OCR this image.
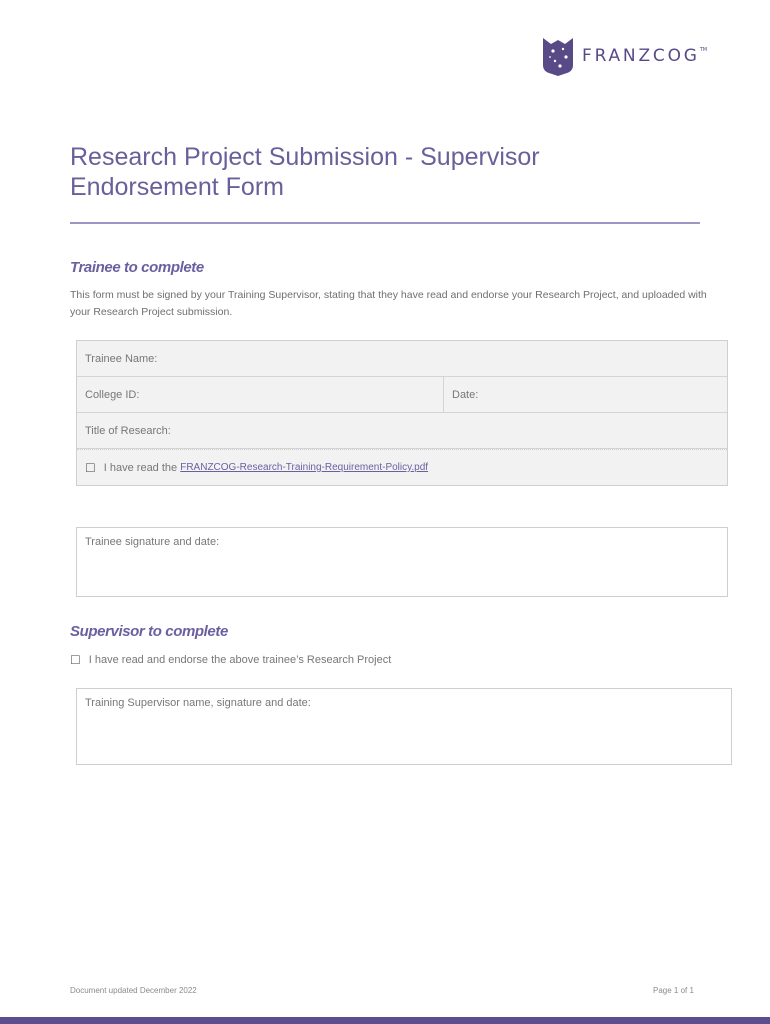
FRANZCOG™
Research Project Submission - Supervisor
Endorsement Form
Trainee to complete

This form must be signed by your Training Supervisor, stating that they have read and endorse your Research Project, and uploaded with your Research Project submission.

Trainee Name:
College ID:	Date:
Title of Research:
☐ I have read the
FRANZCOG-Research-Training-Requirement-Policy.pdf
Trainee signature and date:
Supervisor to complete
☐ I have read and endorse the above trainee’s Research Project
Training Supervisor name, signature and date:
Document updated December 2022	Page 1 of 1
